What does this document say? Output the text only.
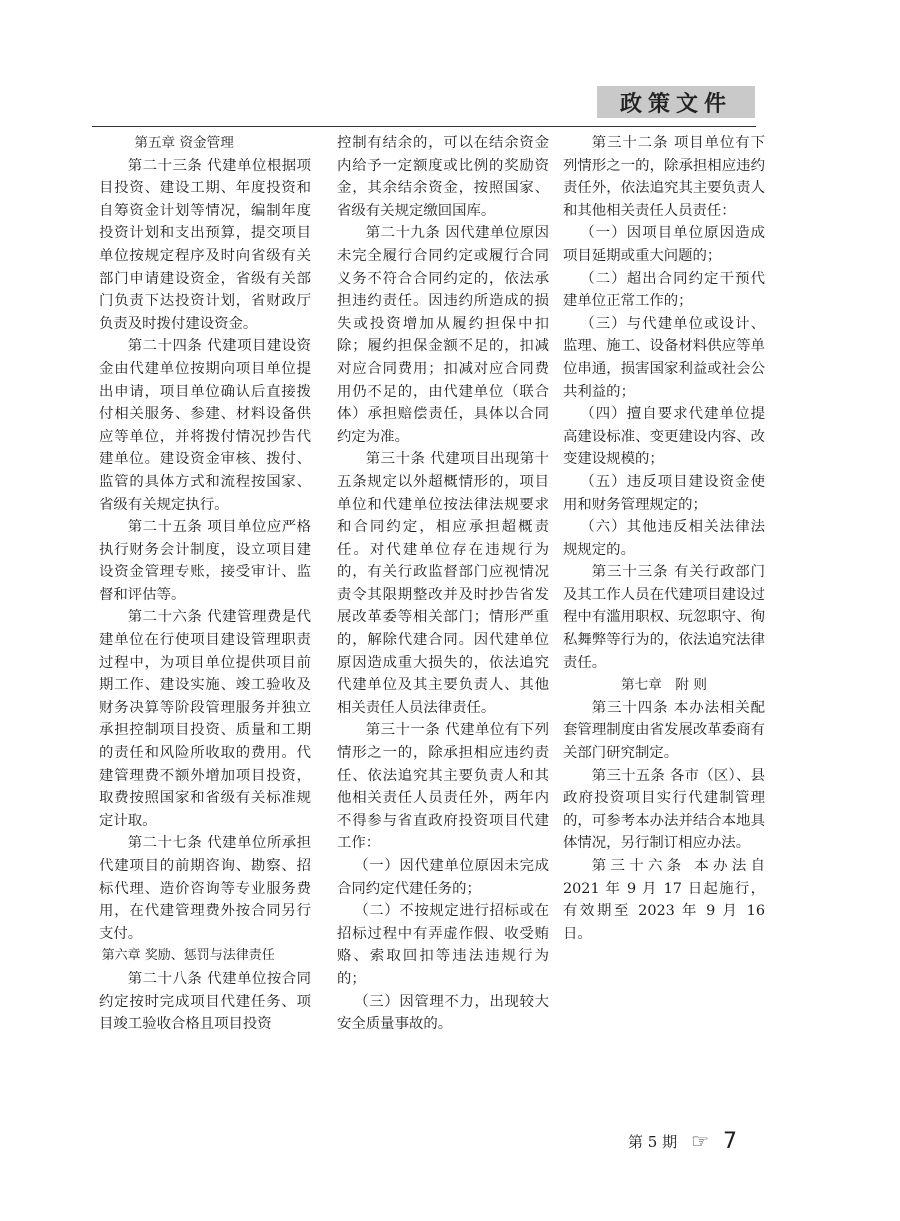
政策文件
第五章 资金管理

第二十三条 代建单位根据项目投资、建设工期、年度投资和自筹资金计划等情况，编制年度投资计划和支出预算，提交项目单位按规定程序及时向省级有关部门申请建设资金，省级有关部门负责下达投资计划，省财政厅负责及时拨付建设资金。

第二十四条 代建项目建设资金由代建单位按期向项目单位提出申请，项目单位确认后直接拨付相关服务、参建、材料设备供应等单位，并将拨付情况抄告代建单位。建设资金审核、拨付、监管的具体方式和流程按国家、省级有关规定执行。

第二十五条 项目单位应严格执行财务会计制度，设立项目建设资金管理专账，接受审计、监督和评估等。

第二十六条 代建管理费是代建单位在行使项目建设管理职责过程中，为项目单位提供项目前期工作、建设实施、竣工验收及财务决算等阶段管理服务并独立承担控制项目投资、质量和工期的责任和风险所收取的费用。代建管理费不额外增加项目投资，取费按照国家和省级有关标准规定计取。

第二十七条 代建单位所承担代建项目的前期咨询、勘察、招标代理、造价咨询等专业服务费用，在代建管理费外按合同另行支付。

第六章 奖励、惩罚与法律责任

第二十八条 代建单位按合同约定按时完成项目代建任务、项目竣工验收合格且项目投资

控制有结余的，可以在结余资金内给予一定额度或比例的奖励资金，其余结余资金，按照国家、省级有关规定缴回国库。

第二十九条 因代建单位原因未完全履行合同约定或履行合同义务不符合合同约定的，依法承担违约责任。因违约所造成的损失或投资增加从履约担保中扣除；履约担保金额不足的，扣减对应合同费用；扣减对应合同费用仍不足的，由代建单位（联合体）承担赔偿责任，具体以合同约定为准。

第三十条 代建项目出现第十五条规定以外超概情形的，项目单位和代建单位按法律法规要求和合同约定，相应承担超概责任。对代建单位存在违规行为的，有关行政监督部门应视情况责令其限期整改并及时抄告省发展改革委等相关部门；情形严重的，解除代建合同。因代建单位原因造成重大损失的，依法追究代建单位及其主要负责人、其他相关责任人员法律责任。

第三十一条 代建单位有下列情形之一的，除承担相应违约责任、依法追究其主要负责人和其他相关责任人员责任外，两年内不得参与省直政府投资项目代建工作：

（一）因代建单位原因未完成合同约定代建任务的；

（二）不按规定进行招标或在招标过程中有弄虚作假、收受贿赂、索取回扣等违法违规行为的；

（三）因管理不力，出现较大安全质量事故的。

第三十二条 项目单位有下列情形之一的，除承担相应违约责任外，依法追究其主要负责人和其他相关责任人员责任：

（一）因项目单位原因造成项目延期或重大问题的；

（二）超出合同约定干预代建单位正常工作的；

（三）与代建单位或设计、监理、施工、设备材料供应等单位串通，损害国家利益或社会公共利益的；

（四）擅自要求代建单位提高建设标准、变更建设内容、改变建设规模的；

（五）违反项目建设资金使用和财务管理规定的；

（六）其他违反相关法律法规规定的。

第三十三条 有关行政部门及其工作人员在代建项目建设过程中有滥用职权、玩忽职守、徇私舞弊等行为的，依法追究法律责任。

第七章　附 则

第三十四条 本办法相关配套管理制度由省发展改革委商有关部门研究制定。

第三十五条 各市（区）、县政府投资项目实行代建制管理的，可参考本办法并结合本地具体情况，另行制订相应办法。

第三十六条 本办法自 2021 年 9 月 17 日起施行，有效期至 2023 年 9 月 16 日。

第 5 期 ☞ 7
